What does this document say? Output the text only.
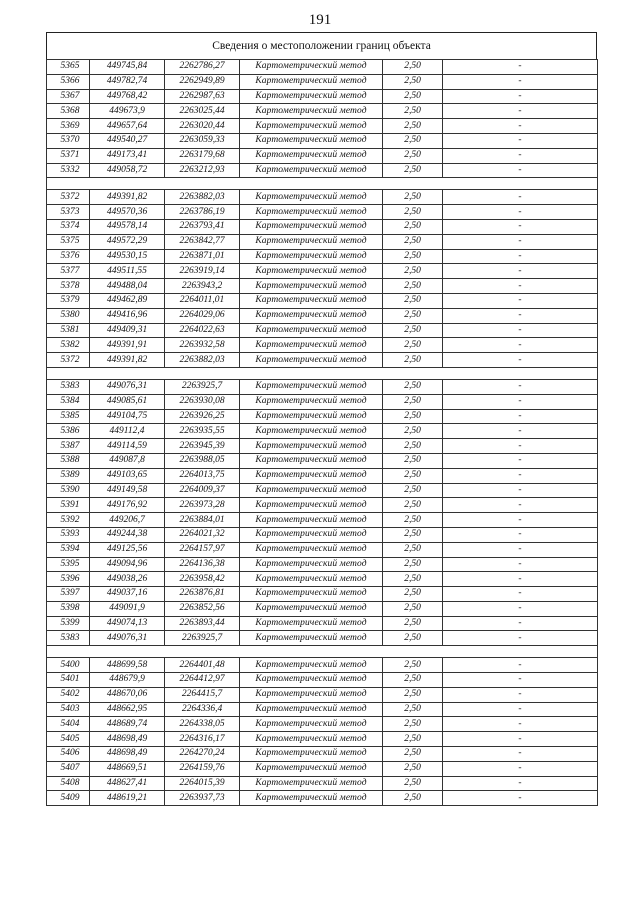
191
Сведения о местоположении границ объекта
5365	449745,84	2262786,27	Картометрический метод	2,50	-
5366	449782,74	2262949,89	Картометрический метод	2,50	-
5367	449768,42	2262987,63	Картометрический метод	2,50	-
5368	449673,9	2263025,44	Картометрический метод	2,50	-
5369	449657,64	2263020,44	Картометрический метод	2,50	-
5370	449540,27	2263059,33	Картометрический метод	2,50	-
5371	449173,41	2263179,68	Картометрический метод	2,50	-
5332	449058,72	2263212,93	Картометрический метод	2,50	-

5372	449391,82	2263882,03	Картометрический метод	2,50	-
5373	449570,36	2263786,19	Картометрический метод	2,50	-
5374	449578,14	2263793,41	Картометрический метод	2,50	-
5375	449572,29	2263842,77	Картометрический метод	2,50	-
5376	449530,15	2263871,01	Картометрический метод	2,50	-
5377	449511,55	2263919,14	Картометрический метод	2,50	-
5378	449488,04	2263943,2	Картометрический метод	2,50	-
5379	449462,89	2264011,01	Картометрический метод	2,50	-
5380	449416,96	2264029,06	Картометрический метод	2,50	-
5381	449409,31	2264022,63	Картометрический метод	2,50	-
5382	449391,91	2263932,58	Картометрический метод	2,50	-
5372	449391,82	2263882,03	Картометрический метод	2,50	-

5383	449076,31	2263925,7	Картометрический метод	2,50	-
5384	449085,61	2263930,08	Картометрический метод	2,50	-
5385	449104,75	2263926,25	Картометрический метод	2,50	-
5386	449112,4	2263935,55	Картометрический метод	2,50	-
5387	449114,59	2263945,39	Картометрический метод	2,50	-
5388	449087,8	2263988,05	Картометрический метод	2,50	-
5389	449103,65	2264013,75	Картометрический метод	2,50	-
5390	449149,58	2264009,37	Картометрический метод	2,50	-
5391	449176,92	2263973,28	Картометрический метод	2,50	-
5392	449206,7	2263884,01	Картометрический метод	2,50	-
5393	449244,38	2264021,32	Картометрический метод	2,50	-
5394	449125,56	2264157,97	Картометрический метод	2,50	-
5395	449094,96	2264136,38	Картометрический метод	2,50	-
5396	449038,26	2263958,42	Картометрический метод	2,50	-
5397	449037,16	2263876,81	Картометрический метод	2,50	-
5398	449091,9	2263852,56	Картометрический метод	2,50	-
5399	449074,13	2263893,44	Картометрический метод	2,50	-
5383	449076,31	2263925,7	Картометрический метод	2,50	-

5400	448699,58	2264401,48	Картометрический метод	2,50	-
5401	448679,9	2264412,97	Картометрический метод	2,50	-
5402	448670,06	2264415,7	Картометрический метод	2,50	-
5403	448662,95	2264336,4	Картометрический метод	2,50	-
5404	448689,74	2264338,05	Картометрический метод	2,50	-
5405	448698,49	2264316,17	Картометрический метод	2,50	-
5406	448698,49	2264270,24	Картометрический метод	2,50	-
5407	448669,51	2264159,76	Картометрический метод	2,50	-
5408	448627,41	2264015,39	Картометрический метод	2,50	-
5409	448619,21	2263937,73	Картометрический метод	2,50	-
